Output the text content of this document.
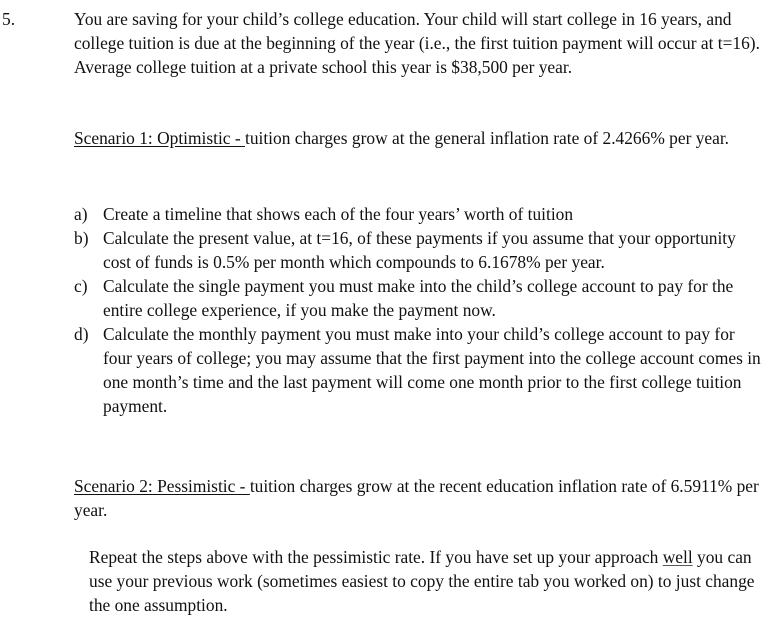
5.	You are saving for your child’s college education. Your child will start college in 16 years, and college tuition is due at the beginning of the year (i.e., the first tuition payment will occur at t=16). Average college tuition at a private school this year is $38,500 per year.

Scenario 1: Optimistic - tuition charges grow at the general inflation rate of 2.4266% per year.

a) Create a timeline that shows each of the four years’ worth of tuition
b) Calculate the present value, at t=16, of these payments if you assume that your opportunity cost of funds is 0.5% per month which compounds to 6.1678% per year.
c) Calculate the single payment you must make into the child’s college account to pay for the entire college experience, if you make the payment now.
d) Calculate the monthly payment you must make into your child’s college account to pay for four years of college; you may assume that the first payment into the college account comes in one month’s time and the last payment will come one month prior to the first college tuition payment.

Scenario 2: Pessimistic - tuition charges grow at the recent education inflation rate of 6.5911% per year.

Repeat the steps above with the pessimistic rate. If you have set up your approach well you can use your previous work (sometimes easiest to copy the entire tab you worked on) to just change the one assumption.
